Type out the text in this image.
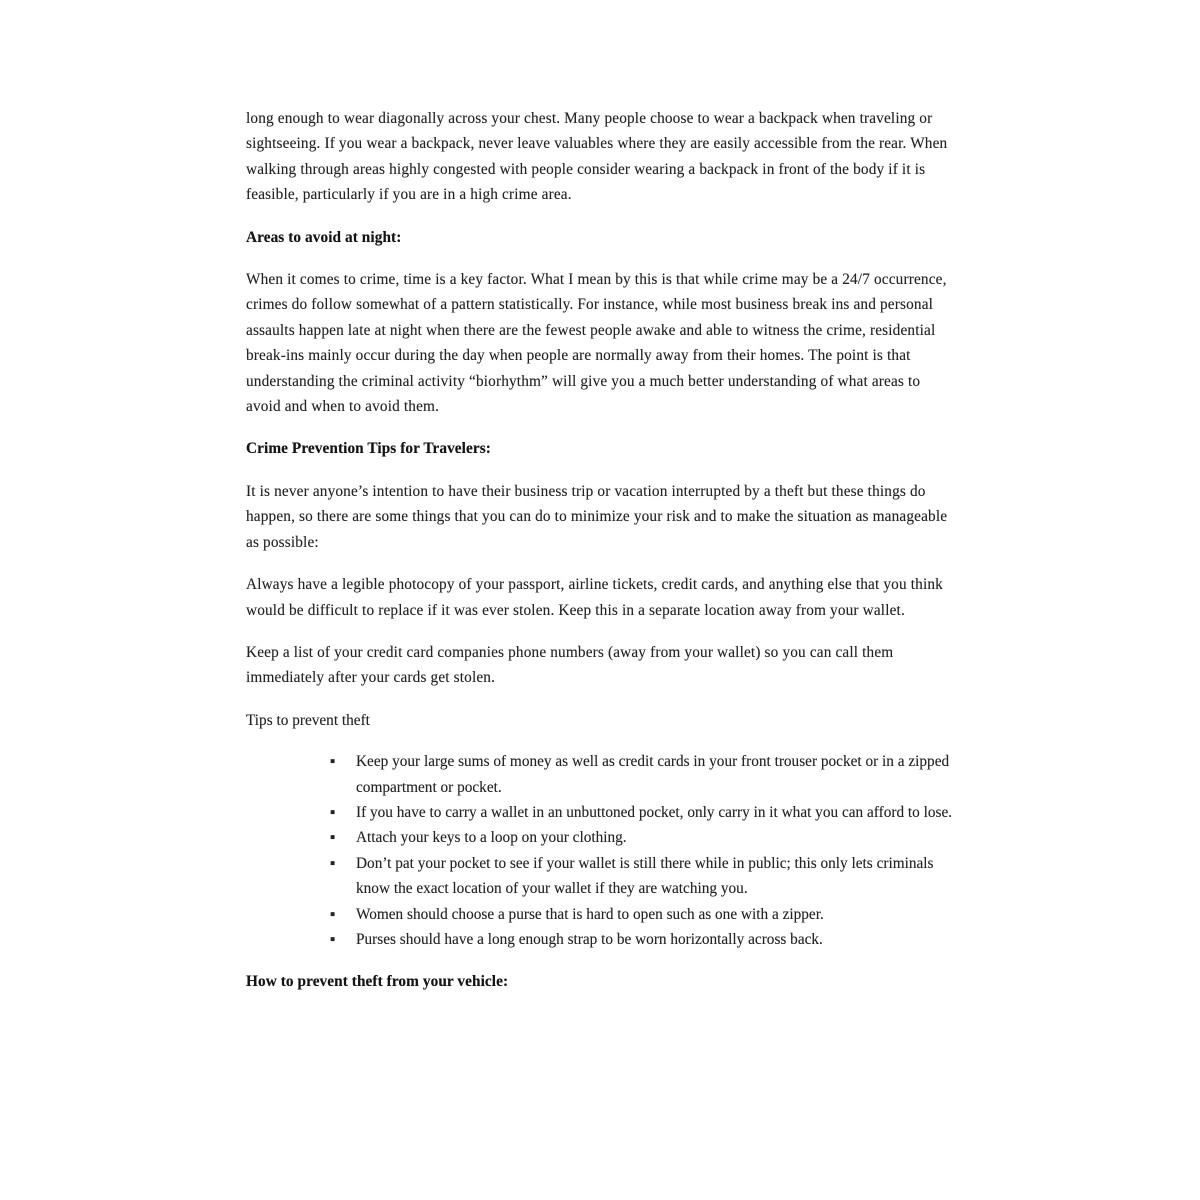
long enough to wear diagonally across your chest. Many people choose to wear a backpack when traveling or sightseeing. If you wear a backpack, never leave valuables where they are easily accessible from the rear. When walking through areas highly congested with people consider wearing a backpack in front of the body if it is feasible, particularly if you are in a high crime area.

Areas to avoid at night:

When it comes to crime, time is a key factor. What I mean by this is that while crime may be a 24/7 occurrence, crimes do follow somewhat of a pattern statistically. For instance, while most business break ins and personal assaults happen late at night when there are the fewest people awake and able to witness the crime, residential break-ins mainly occur during the day when people are normally away from their homes. The point is that understanding the criminal activity “biorhythm” will give you a much better understanding of what areas to avoid and when to avoid them.

Crime Prevention Tips for Travelers:

It is never anyone’s intention to have their business trip or vacation interrupted by a theft but these things do happen, so there are some things that you can do to minimize your risk and to make the situation as manageable as possible:

Always have a legible photocopy of your passport, airline tickets, credit cards, and anything else that you think would be difficult to replace if it was ever stolen. Keep this in a separate location away from your wallet.

Keep a list of your credit card companies phone numbers (away from your wallet) so you can call them immediately after your cards get stolen.

Tips to prevent theft

▪ Keep your large sums of money as well as credit cards in your front trouser pocket or in a zipped compartment or pocket.
▪ If you have to carry a wallet in an unbuttoned pocket, only carry in it what you can afford to lose.
▪ Attach your keys to a loop on your clothing.
▪ Don’t pat your pocket to see if your wallet is still there while in public; this only lets criminals know the exact location of your wallet if they are watching you.
▪ Women should choose a purse that is hard to open such as one with a zipper.
▪ Purses should have a long enough strap to be worn horizontally across back.

How to prevent theft from your vehicle:
